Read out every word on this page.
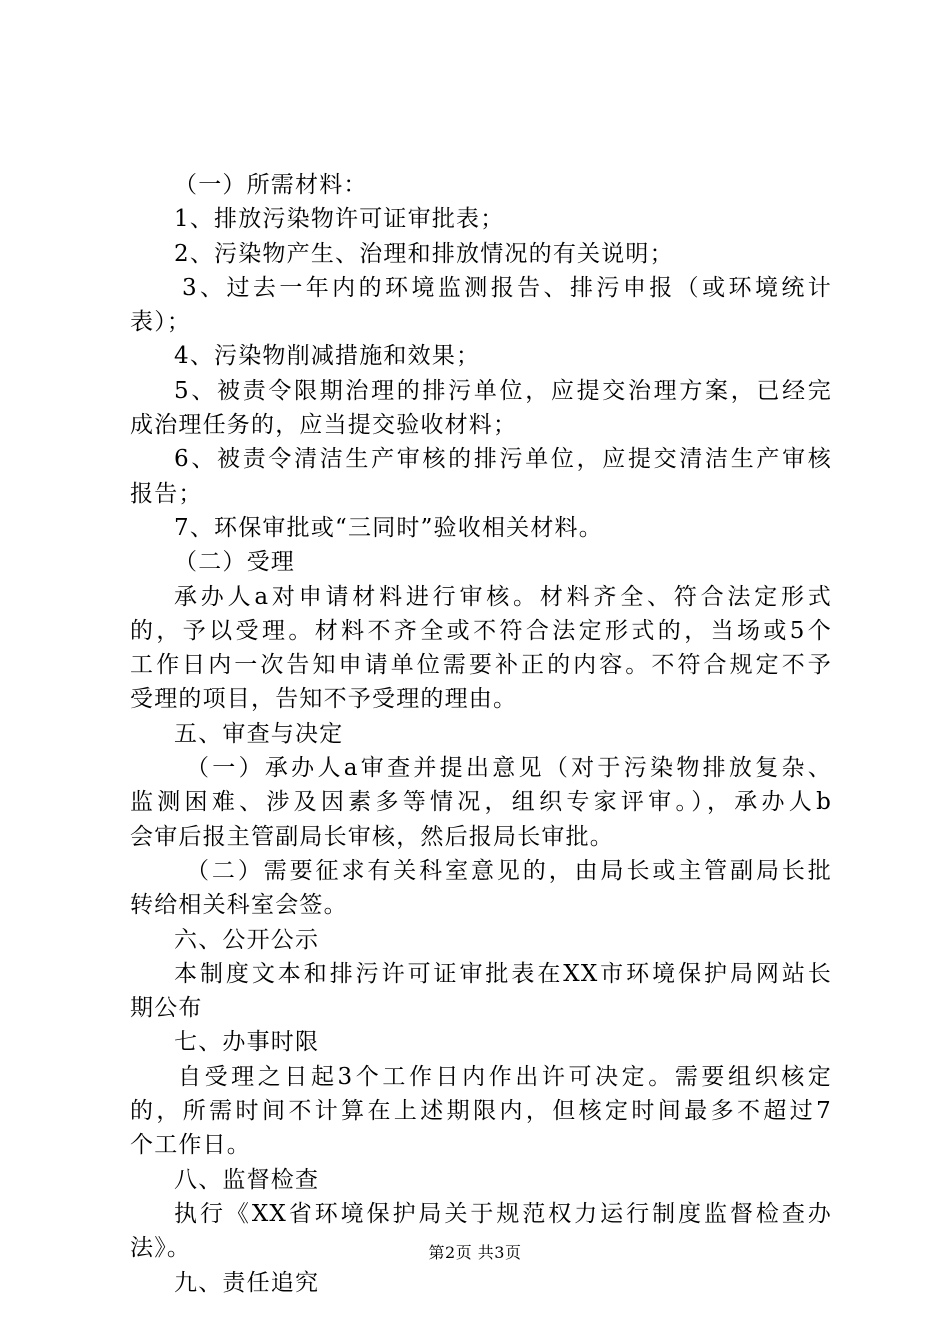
（一）所需材料：
1、排放污染物许可证审批表；
2、污染物产生、治理和排放情况的有关说明；
3、过去一年内的环境监测报告、排污申报（或环境统计
表）；
4、污染物削减措施和效果；
5、被责令限期治理的排污单位，应提交治理方案，已经完
成治理任务的，应当提交验收材料；
6、被责令清洁生产审核的排污单位，应提交清洁生产审核
报告；
7、环保审批或“三同时”验收相关材料。
（二）受理
承办人a对申请材料进行审核。材料齐全、符合法定形式
的，予以受理。材料不齐全或不符合法定形式的，当场或5个
工作日内一次告知申请单位需要补正的内容。不符合规定不予
受理的项目，告知不予受理的理由。
五、审查与决定
（一）承办人a审查并提出意见（对于污染物排放复杂、
监测困难、涉及因素多等情况，组织专家评审。），承办人b
会审后报主管副局长审核，然后报局长审批。
（二）需要征求有关科室意见的，由局长或主管副局长批
转给相关科室会签。
六、公开公示
本制度文本和排污许可证审批表在XX市环境保护局网站长
期公布
七、办事时限
自受理之日起3个工作日内作出许可决定。需要组织核定
的，所需时间不计算在上述期限内，但核定时间最多不超过7
个工作日。
八、监督检查
执行《XX省环境保护局关于规范权力运行制度监督检查办
法》。
九、责任追究
第2页 共3页
